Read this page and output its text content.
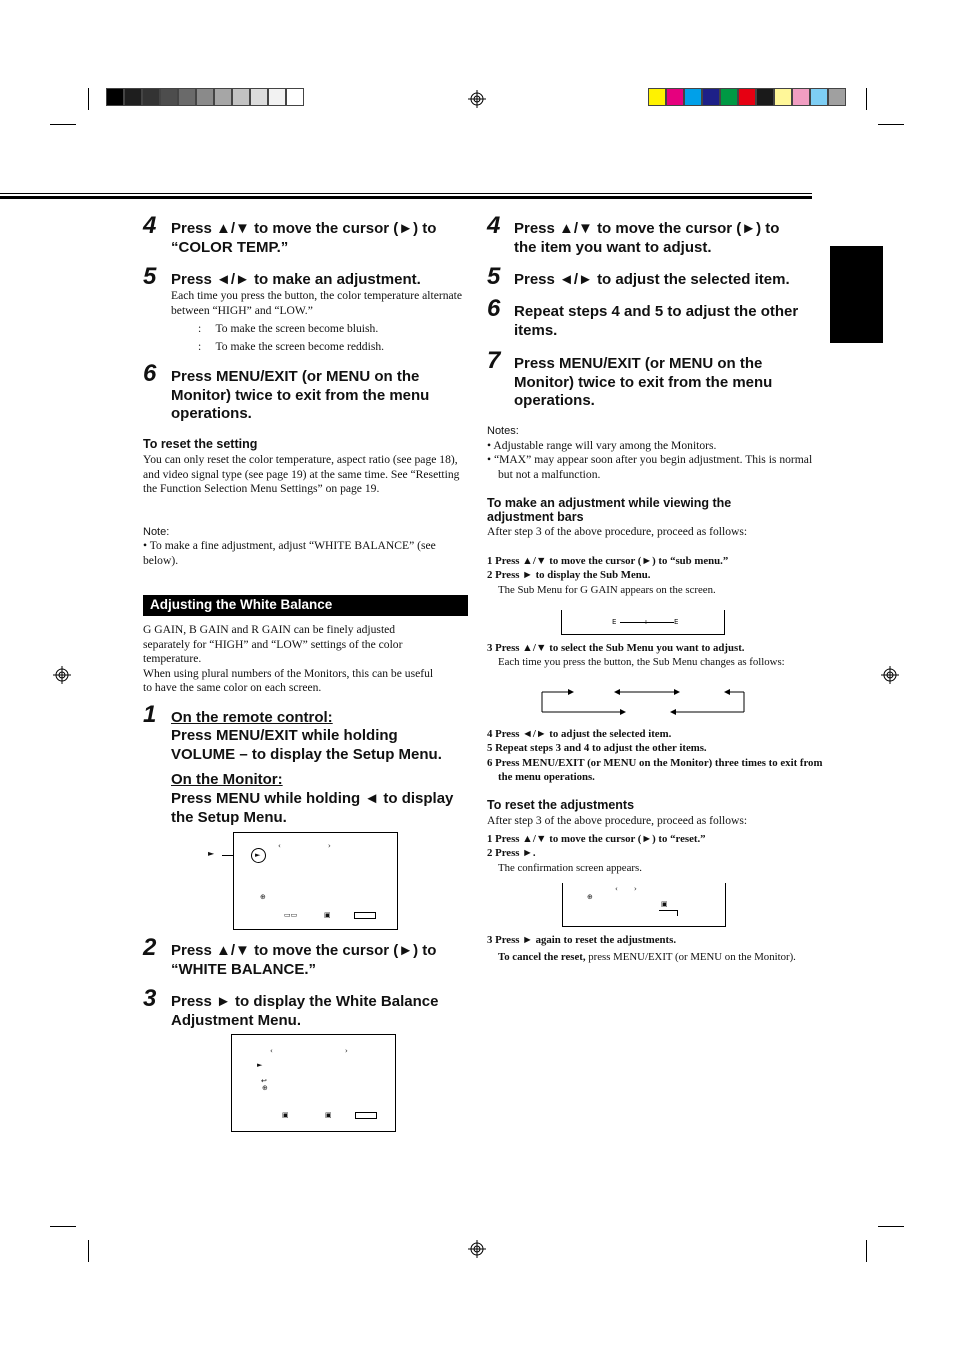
4 Press ▲/▼ to move the cursor (►) to “COLOR TEMP.”
5 Press ◄/► to make an adjustment.
Each time you press the button, the color temperature alternate between “HIGH” and “LOW.”
:     To make the screen become bluish.
:     To make the screen become reddish.
6 Press MENU/EXIT (or MENU on the Monitor) twice to exit from the menu operations.
To reset the setting
You can only reset the color temperature, aspect ratio (see page 18), and video signal type (see page 19) at the same time. See “Resetting the Function Selection Menu Settings” on page 19.
Note:
• To make a fine adjustment, adjust “WHITE BALANCE” (see below).
Adjusting the White Balance
G GAIN, B GAIN and R GAIN can be finely adjusted separately for “HIGH” and “LOW” settings of the color temperature.
When using plural numbers of the Monitors, this can be useful to have the same color on each screen.
1 On the remote control:
Press MENU/EXIT while holding VOLUME – to display the Setup Menu.
On the Monitor:
Press MENU while holding ◄ to display the Setup Menu.
►	►
‹	›
⊕
▭▭	▣
2 Press ▲/▼ to move the cursor (►) to “WHITE BALANCE.”
3 Press ► to display the White Balance Adjustment Menu.
‹	›
►
↩
⊕
▣	▣
4 Press ▲/▼ to move the cursor (►) to the item you want to adjust.
5 Press ◄/► to adjust the selected item.
6 Repeat steps 4 and 5 to adjust the other items.
7 Press MENU/EXIT (or MENU on the Monitor) twice to exit from the menu operations.
Notes:
• Adjustable range will vary among the Monitors.
• “MAX” may appear soon after you begin adjustment. This is normal but not a malfunction.
To make an adjustment while viewing the adjustment bars
After step 3 of the above procedure, proceed as follows:
1 Press ▲/▼ to move the cursor (►) to “sub menu.”
2 Press ► to display the Sub Menu.
The Sub Menu for G GAIN appears on the screen.
E	ı	E
3 Press ▲/▼ to select the Sub Menu you want to adjust.
Each time you press the button, the Sub Menu changes as follows:
4 Press ◄/► to adjust the selected item.
5 Repeat steps 3 and 4 to adjust the other items.
6 Press MENU/EXIT (or MENU on the Monitor) three times to exit from the menu operations.
To reset the adjustments
After step 3 of the above procedure, proceed as follows:
1 Press ▲/▼ to move the cursor (►) to “reset.”
2 Press ►.
The confirmation screen appears.
‹ ›
⊕
▣
3 Press ► again to reset the adjustments.
To cancel the reset, press MENU/EXIT (or MENU on the Monitor).
